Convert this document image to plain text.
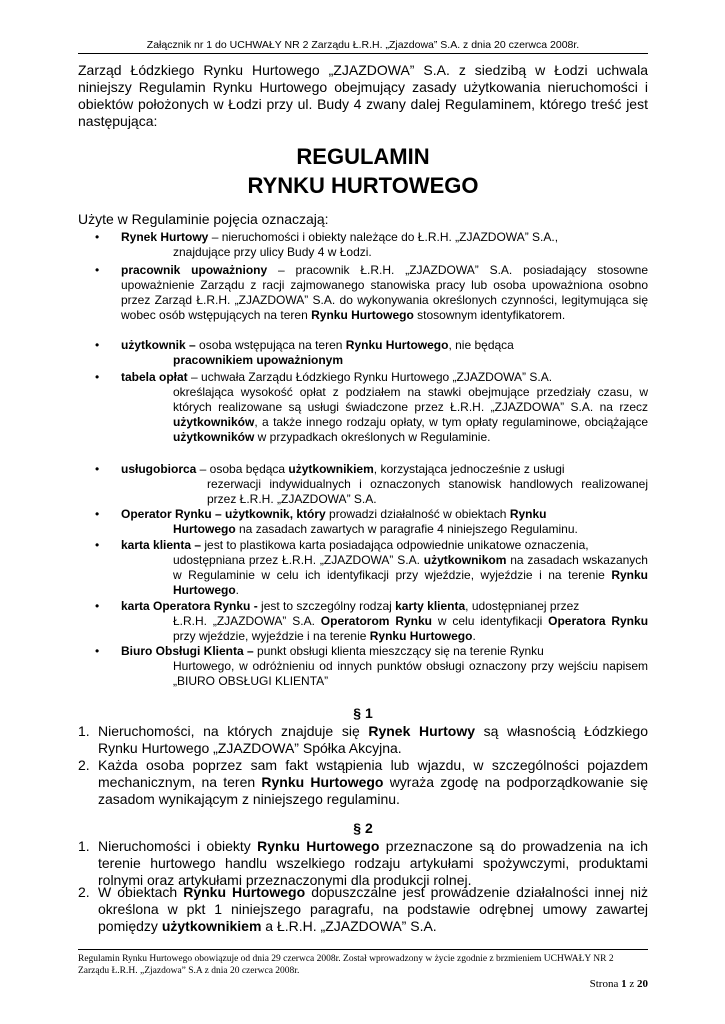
Załącznik nr 1 do UCHWAŁY NR 2 Zarządu Ł.R.H. „Zjazdowa” S.A. z dnia 20 czerwca 2008r.
Zarząd Łódzkiego Rynku Hurtowego „ZJAZDOWA” S.A. z siedzibą w Łodzi uchwala niniejszy Regulamin Rynku Hurtowego obejmujący zasady użytkowania nieruchomości i obiektów położonych w Łodzi przy ul. Budy 4 zwany dalej Regulaminem, którego treść jest następująca:
REGULAMIN
RYNKU HURTOWEGO
Użyte w Regulaminie pojęcia oznaczają:
• Rynek Hurtowy – nieruchomości i obiekty należące do Ł.R.H. „ZJAZDOWA” S.A.,
znajdujące przy ulicy Budy 4 w Łodzi.
• pracownik upoważniony – pracownik Ł.R.H. „ZJAZDOWA” S.A. posiadający stosowne upoważnienie Zarządu z racji zajmowanego stanowiska pracy lub osoba upoważniona osobno przez Zarząd Ł.R.H. „ZJAZDOWA” S.A. do wykonywania określonych czynności, legitymująca się wobec osób wstępujących na teren Rynku Hurtowego stosownym identyfikatorem.
• użytkownik – osoba wstępująca na teren Rynku Hurtowego, nie będąca
pracownikiem upoważnionym
• tabela opłat – uchwała Zarządu Łódzkiego Rynku Hurtowego „ZJAZDOWA” S.A.
określająca wysokość opłat z podziałem na stawki obejmujące przedziały czasu, w których realizowane są usługi świadczone przez Ł.R.H. „ZJAZDOWA” S.A. na rzecz użytkowników, a także innego rodzaju opłaty, w tym opłaty regulaminowe, obciążające użytkowników w przypadkach określonych w Regulaminie.
• usługobiorca – osoba będąca użytkownikiem, korzystająca jednocześnie z usługi
rezerwacji indywidualnych i oznaczonych stanowisk handlowych realizowanej przez Ł.R.H. „ZJAZDOWA” S.A.
• Operator Rynku – użytkownik, który prowadzi działalność w obiektach Rynku
Hurtowego na zasadach zawartych w paragrafie 4 niniejszego Regulaminu.
• karta klienta – jest to plastikowa karta posiadająca odpowiednie unikatowe oznaczenia,
udostępniana przez Ł.R.H. „ZJAZDOWA” S.A. użytkownikom na zasadach wskazanych w Regulaminie w celu ich identyfikacji przy wjeździe, wyjeździe i na terenie Rynku Hurtowego.
• karta Operatora Rynku - jest to szczególny rodzaj karty klienta, udostępnianej przez
Ł.R.H. „ZJAZDOWA” S.A. Operatorom Rynku w celu identyfikacji Operatora Rynku przy wjeździe, wyjeździe i na terenie Rynku Hurtowego.
• Biuro Obsługi Klienta – punkt obsługi klienta mieszczący się na terenie Rynku
Hurtowego, w odróżnieniu od innych punktów obsługi oznaczony przy wejściu napisem „BIURO OBSŁUGI KLIENTA”
§ 1
1. Nieruchomości, na których znajduje się Rynek Hurtowy są własnością Łódzkiego Rynku Hurtowego „ZJAZDOWA” Spółka Akcyjna.
2. Każda osoba poprzez sam fakt wstąpienia lub wjazdu, w szczególności pojazdem mechanicznym, na teren Rynku Hurtowego wyraża zgodę na podporządkowanie się zasadom wynikającym z niniejszego regulaminu.
§ 2
1. Nieruchomości i obiekty Rynku Hurtowego przeznaczone są do prowadzenia na ich terenie hurtowego handlu wszelkiego rodzaju artykułami spożywczymi, produktami rolnymi oraz artykułami przeznaczonymi dla produkcji rolnej.
2. W obiektach Rynku Hurtowego dopuszczalne jest prowadzenie działalności innej niż określona w pkt 1 niniejszego paragrafu, na podstawie odrębnej umowy zawartej pomiędzy użytkownikiem a Ł.R.H. „ZJAZDOWA” S.A.
Regulamin Rynku Hurtowego obowiązuje od dnia 29 czerwca 2008r. Został wprowadzony w życie zgodnie z brzmieniem UCHWAŁY NR 2
Zarządu Ł.R.H. „Zjazdowa” S.A z dnia 20 czerwca 2008r.
Strona 1 z 20
